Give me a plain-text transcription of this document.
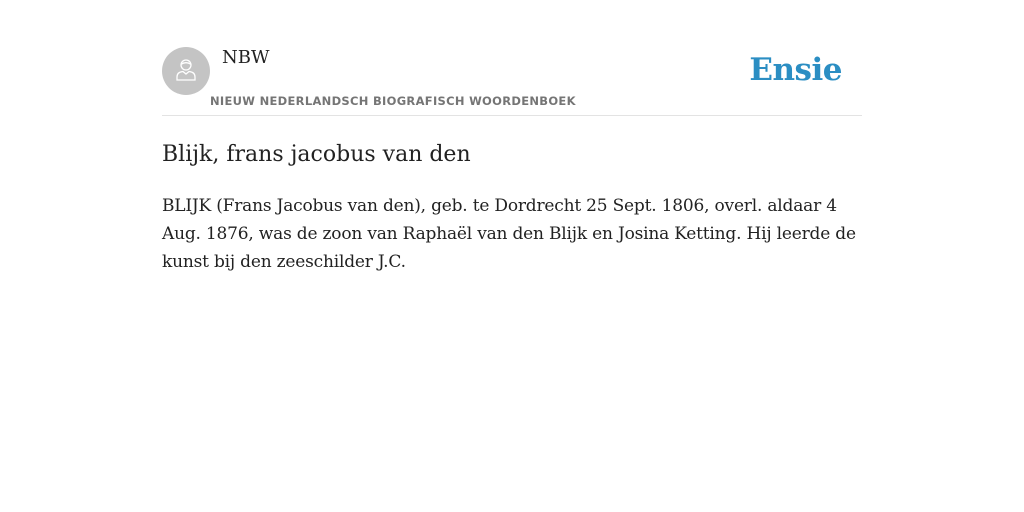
NBW

NIEUW NEDERLANDSCH BIOGRAFISCH WOORDENBOEK

Ensie
Blijk, frans jacobus van den

BLIJK (Frans Jacobus van den), geb. te Dordrecht 25 Sept. 1806, overl. aldaar 4 Aug. 1876, was de zoon van Raphaël van den Blijk en Josina Ketting. Hij leerde de kunst bij den zeeschilder J.C.
